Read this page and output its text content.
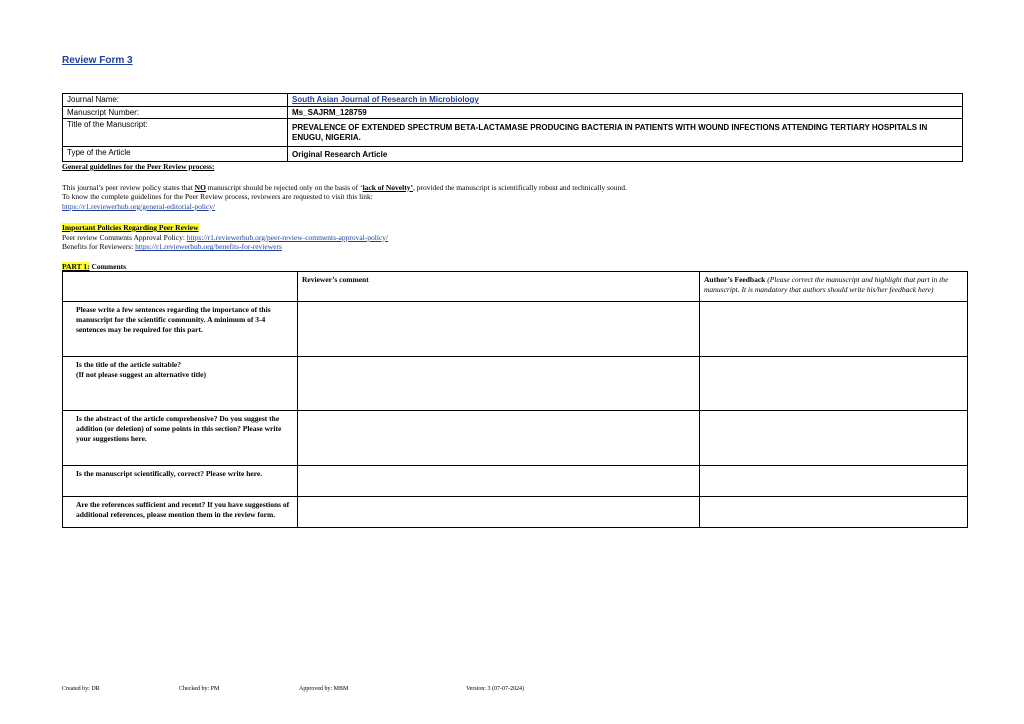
Review Form 3
Journal Name:	South Asian Journal of Research in Microbiology
Manuscript Number:	Ms_SAJRM_128759
Title of the Manuscript:	PREVALENCE OF EXTENDED SPECTRUM BETA-LACTAMASE PRODUCING BACTERIA IN PATIENTS WITH WOUND INFECTIONS ATTENDING TERTIARY HOSPITALS IN ENUGU, NIGERIA.
Type of the Article	Original Research Article
General guidelines for the Peer Review process:
This journal’s peer review policy states that NO manuscript should be rejected only on the basis of ‘lack of Novelty’, provided the manuscript is scientifically robust and technically sound.
To know the complete guidelines for the Peer Review process, reviewers are requested to visit this link:
https://r1.reviewerhub.org/general-editorial-policy/
Important Policies Regarding Peer Review
Peer review Comments Approval Policy: https://r1.reviewerhub.org/peer-review-comments-approval-policy/
Benefits for Reviewers: https://r1.reviewerhub.org/benefits-for-reviewers
PART 1: Comments
	Reviewer’s comment	Author’s Feedback (Please correct the manuscript and highlight that part in the manuscript. It is mandatory that authors should write his/her feedback here)
Please write a few sentences regarding the importance of this manuscript for the scientific community. A minimum of 3-4 sentences may be required for this part.		
Is the title of the article suitable?
(If not please suggest an alternative title)		
Is the abstract of the article comprehensive? Do you suggest the addition (or deletion) of some points in this section? Please write your suggestions here.		
Is the manuscript scientifically, correct? Please write here.		
Are the references sufficient and recent? If you have suggestions of additional references, please mention them in the review form.		
Created by: DR	Checked by: PM	Approved by: MBM	Version: 3 (07-07-2024)
